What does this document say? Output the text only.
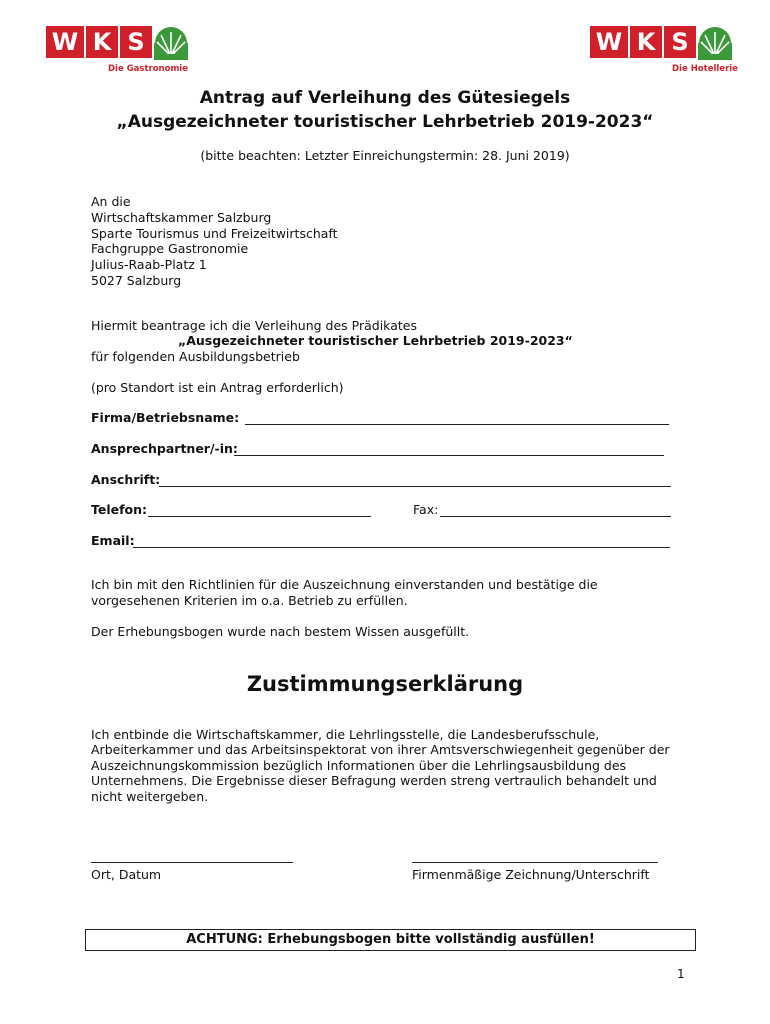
W K S
Die Gastronomie
W K S
Die Hotellerie
Antrag auf Verleihung des Gütesiegels
„Ausgezeichneter touristischer Lehrbetrieb 2019-2023“
(bitte beachten: Letzter Einreichungstermin: 28. Juni 2019)
An die
Wirtschaftskammer Salzburg
Sparte Tourismus und Freizeitwirtschaft
Fachgruppe Gastronomie
Julius-Raab-Platz 1
5027 Salzburg
Hiermit beantrage ich die Verleihung des Prädikates
„Ausgezeichneter touristischer Lehrbetrieb 2019-2023“
für folgenden Ausbildungsbetrieb
(pro Standort ist ein Antrag erforderlich)
Firma/Betriebsname:
Ansprechpartner/-in:
Anschrift:
Telefon:	Fax:
Email:
Ich bin mit den Richtlinien für die Auszeichnung einverstanden und bestätige die
vorgesehenen Kriterien im o.a. Betrieb zu erfüllen.
Der Erhebungsbogen wurde nach bestem Wissen ausgefüllt.
Zustimmungserklärung
Ich entbinde die Wirtschaftskammer, die Lehrlingsstelle, die Landesberufsschule,
Arbeiterkammer und das Arbeitsinspektorat von ihrer Amtsverschwiegenheit gegenüber der
Auszeichnungskommission bezüglich Informationen über die Lehrlingsausbildung des
Unternehmens. Die Ergebnisse dieser Befragung werden streng vertraulich behandelt und
nicht weitergeben.
Ort, Datum	Firmenmäßige Zeichnung/Unterschrift
ACHTUNG: Erhebungsbogen bitte vollständig ausfüllen!
1
